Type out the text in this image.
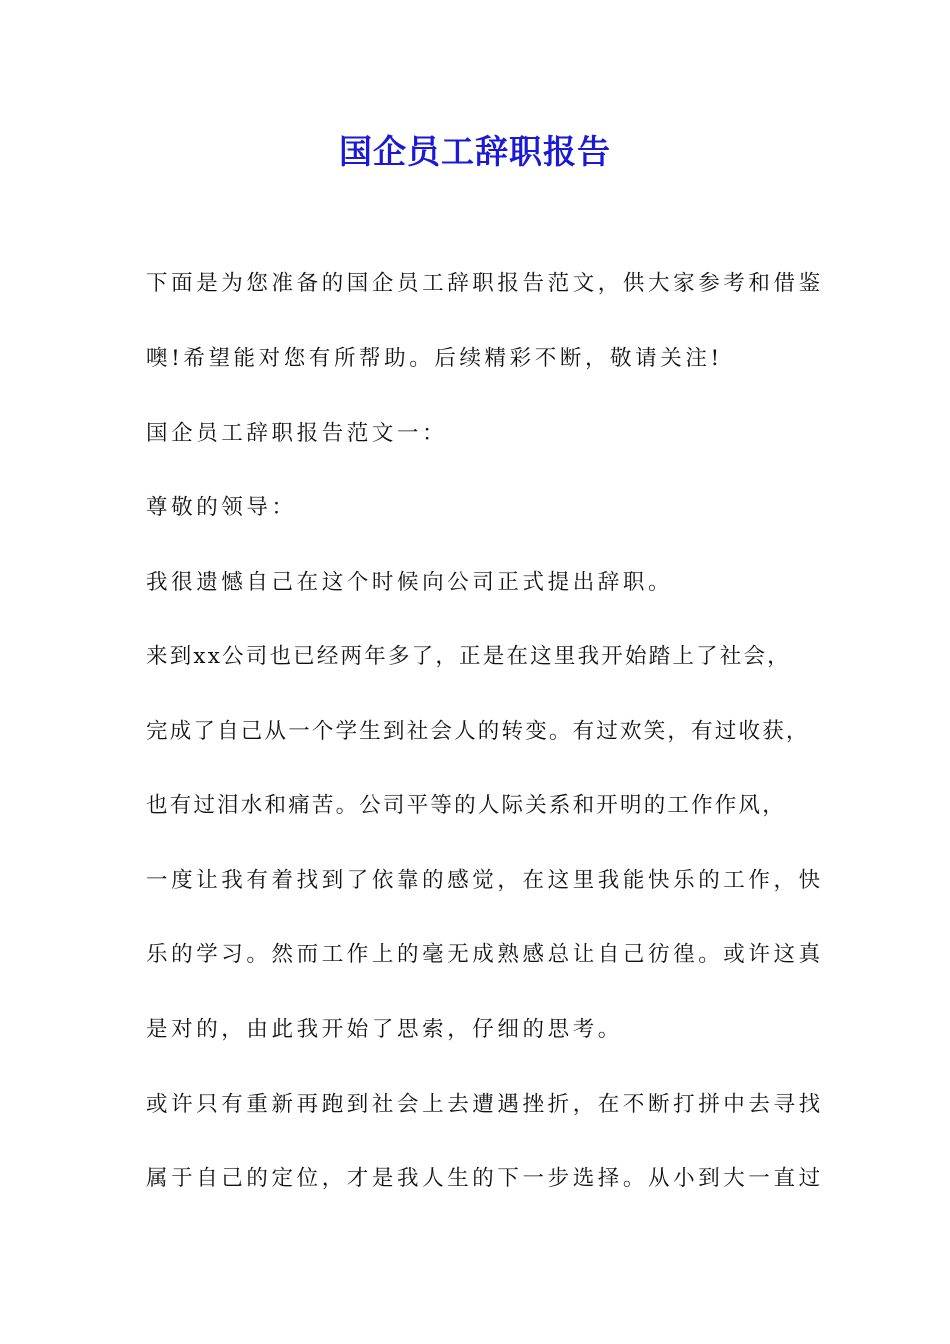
国企员工辞职报告

下面是为您准备的国企员工辞职报告范文，供大家参考和借鉴

噢!希望能对您有所帮助。后续精彩不断，敬请关注!

国企员工辞职报告范文一：

尊敬的领导：

我很遗憾自己在这个时候向公司正式提出辞职。

来到xx公司也已经两年多了，正是在这里我开始踏上了社会，

完成了自己从一个学生到社会人的转变。有过欢笑，有过收获，

也有过泪水和痛苦。公司平等的人际关系和开明的工作作风，

一度让我有着找到了依靠的感觉，在这里我能快乐的工作，快

乐的学习。然而工作上的毫无成熟感总让自己彷徨。或许这真

是对的，由此我开始了思索，仔细的思考。

或许只有重新再跑到社会上去遭遇挫折，在不断打拼中去寻找

属于自己的定位，才是我人生的下一步选择。从小到大一直过
